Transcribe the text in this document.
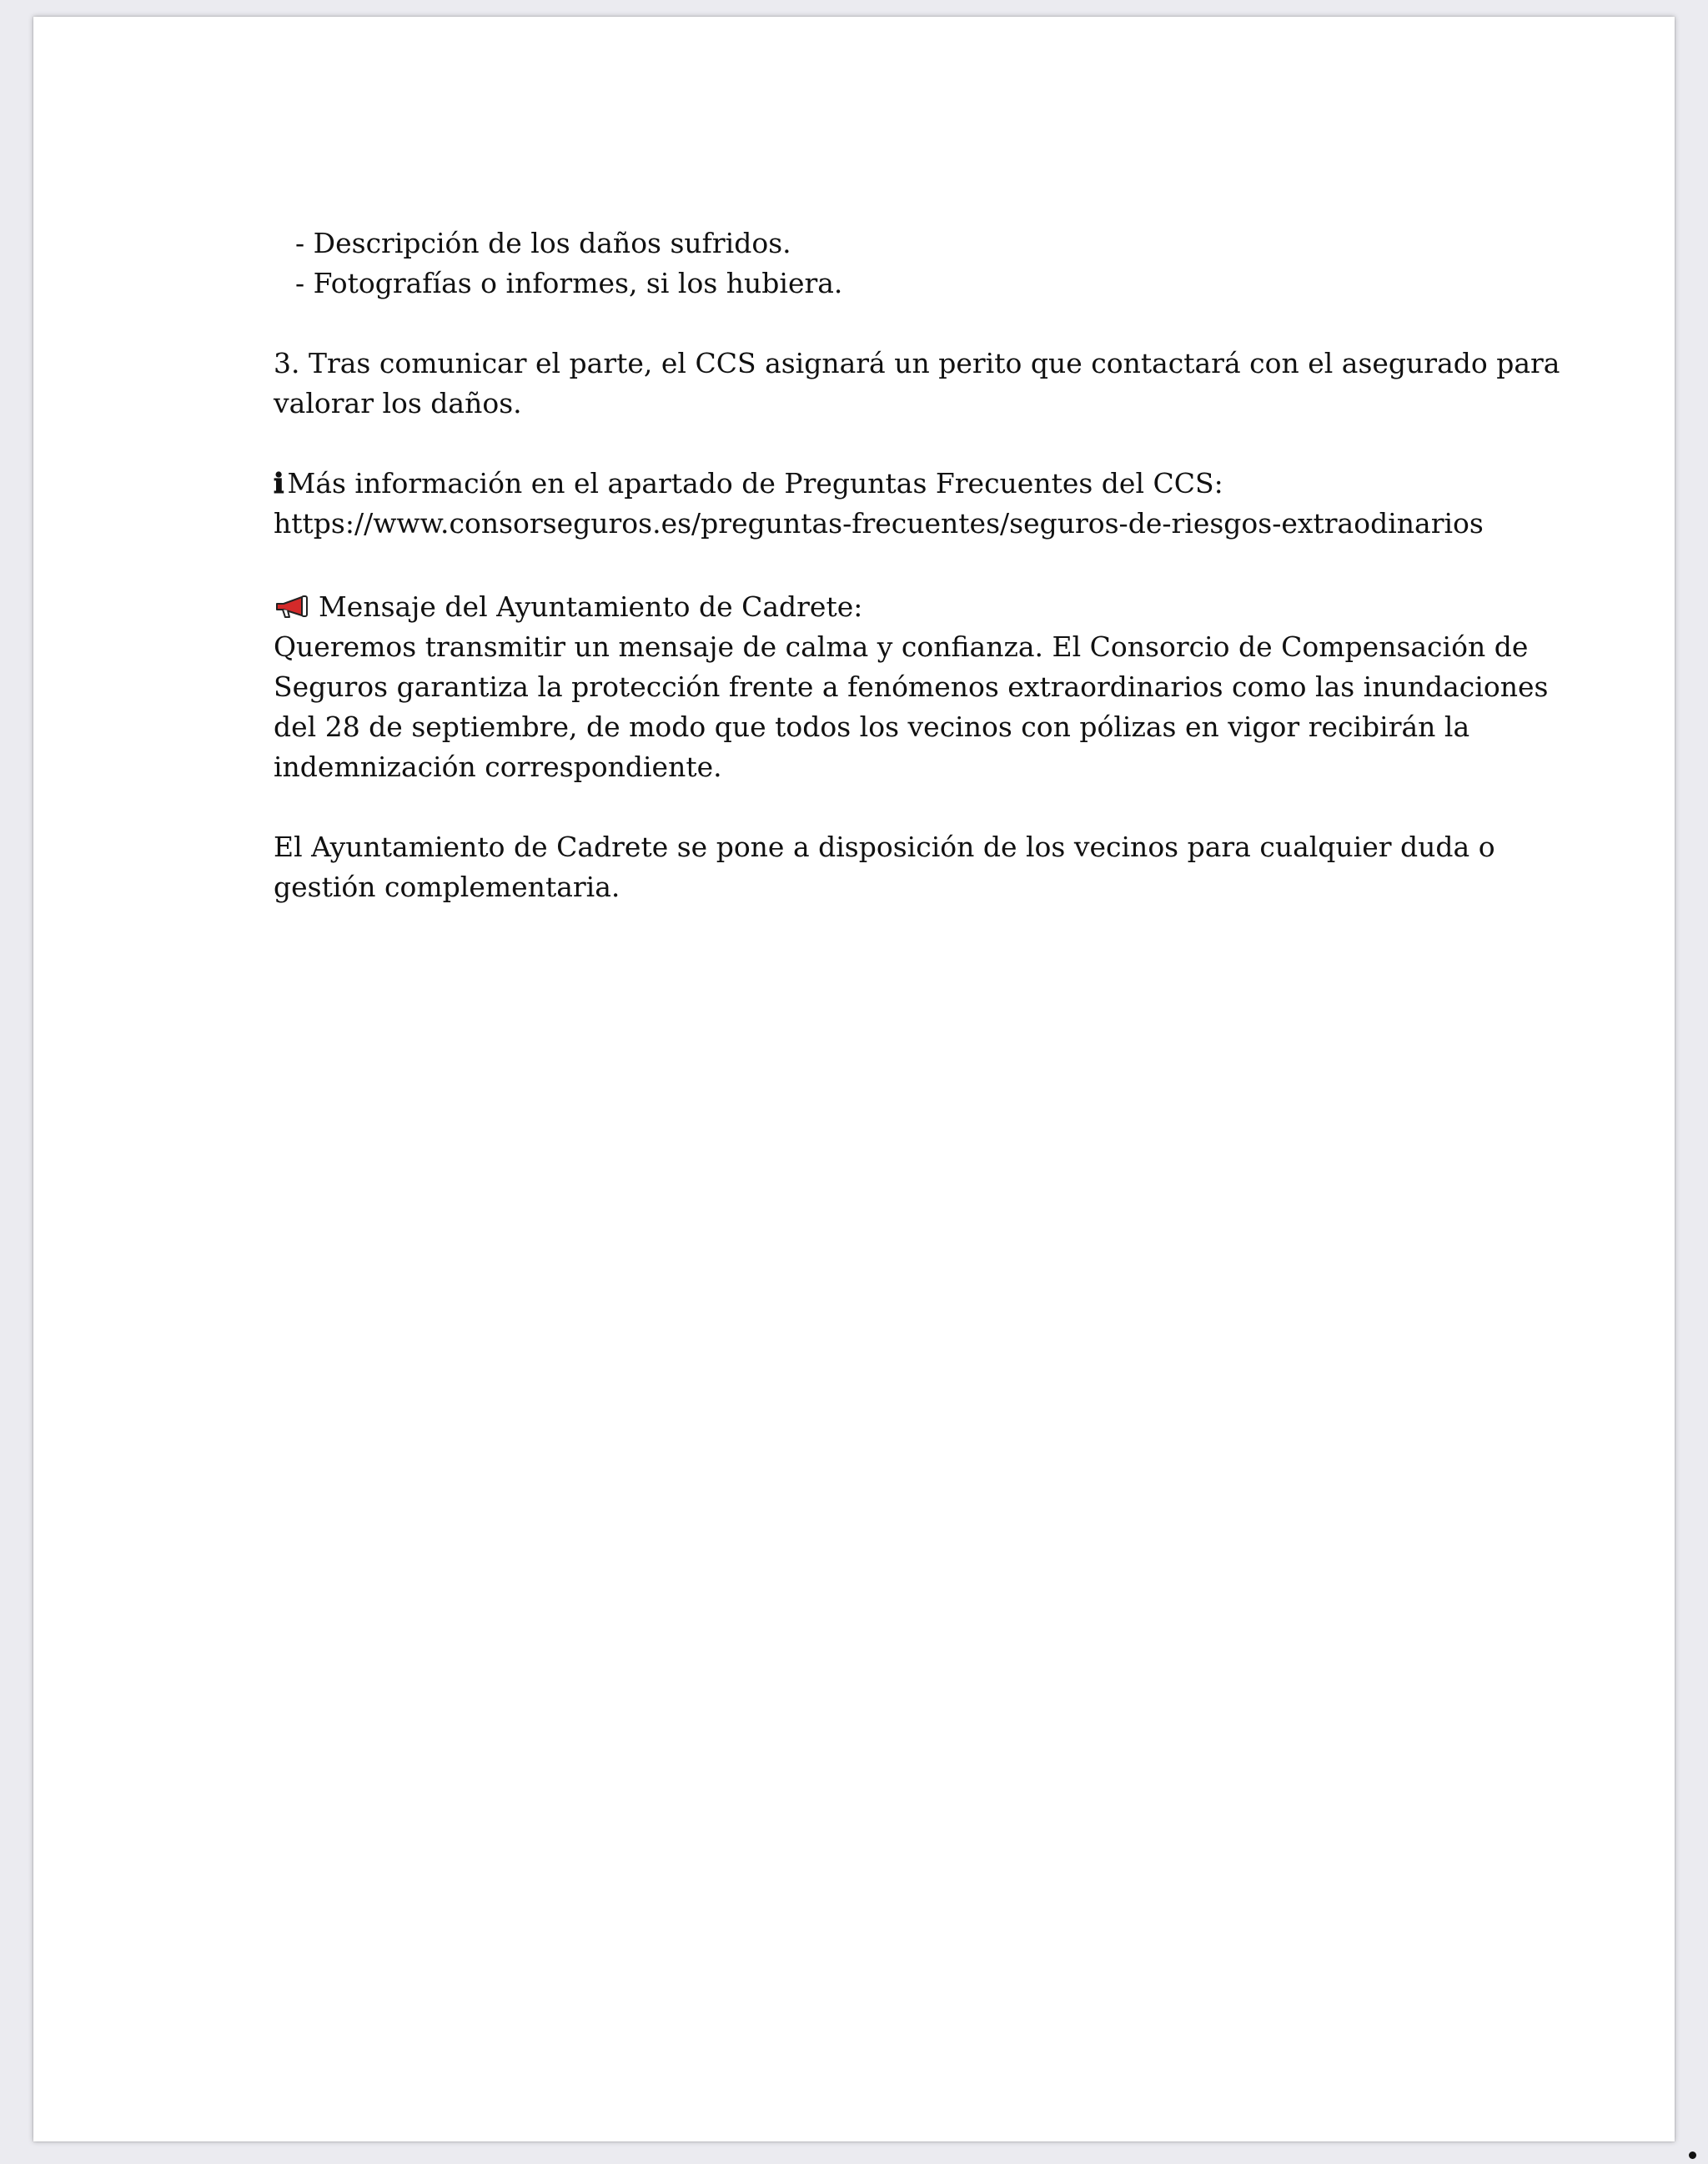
- Descripción de los daños sufridos.
- Fotografías o informes, si los hubiera.
3. Tras comunicar el parte, el CCS asignará un perito que contactará con el asegurado para
valorar los daños.
ℹ Más información en el apartado de Preguntas Frecuentes del CCS:
https://www.consorseguros.es/preguntas-frecuentes/seguros-de-riesgos-extraodinarios
Mensaje del Ayuntamiento de Cadrete:
Queremos transmitir un mensaje de calma y confianza. El Consorcio de Compensación de
Seguros garantiza la protección frente a fenómenos extraordinarios como las inundaciones
del 28 de septiembre, de modo que todos los vecinos con pólizas en vigor recibirán la
indemnización correspondiente.
El Ayuntamiento de Cadrete se pone a disposición de los vecinos para cualquier duda o
gestión complementaria.
